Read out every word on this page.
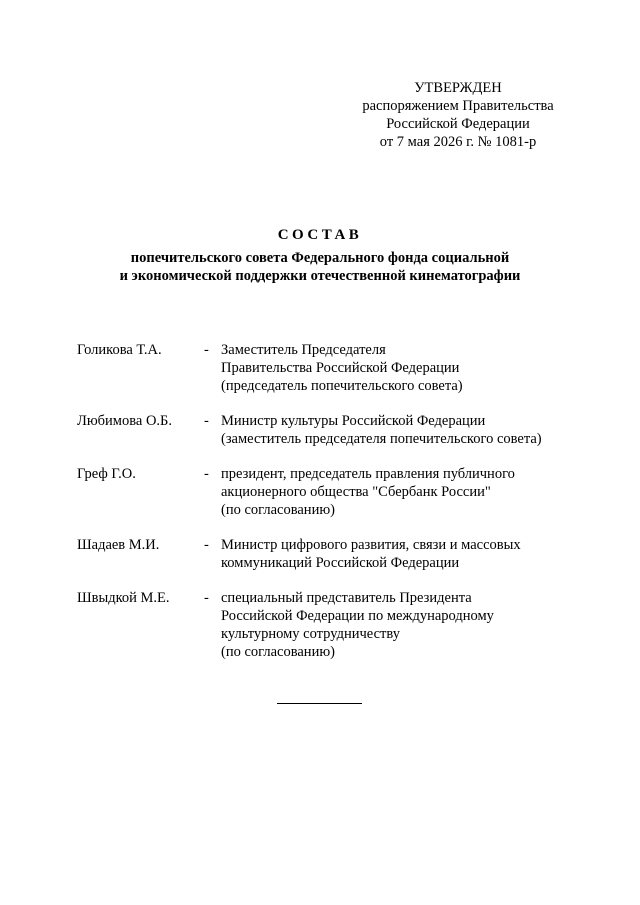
УТВЕРЖДЕН
распоряжением Правительства
Российской Федерации
от 7 мая 2026 г. № 1081-р
СОСТАВ
попечительского совета Федерального фонда социальной
и экономической поддержки отечественной кинематографии
Голикова Т.А.	- Заместитель Председателя
Правительства Российской Федерации
(председатель попечительского совета)
Любимова О.Б. - Министр культуры Российской Федерации
(заместитель председателя попечительского совета)
Греф Г.О.	- президент, председатель правления публичного
акционерного общества "Сбербанк России"
(по согласованию)
Шадаев М.И.	- Министр цифрового развития, связи и массовых
коммуникаций Российской Федерации
Швыдкой М.Е. - специальный представитель Президента
Российской Федерации по международному
культурному сотрудничеству
(по согласованию)
